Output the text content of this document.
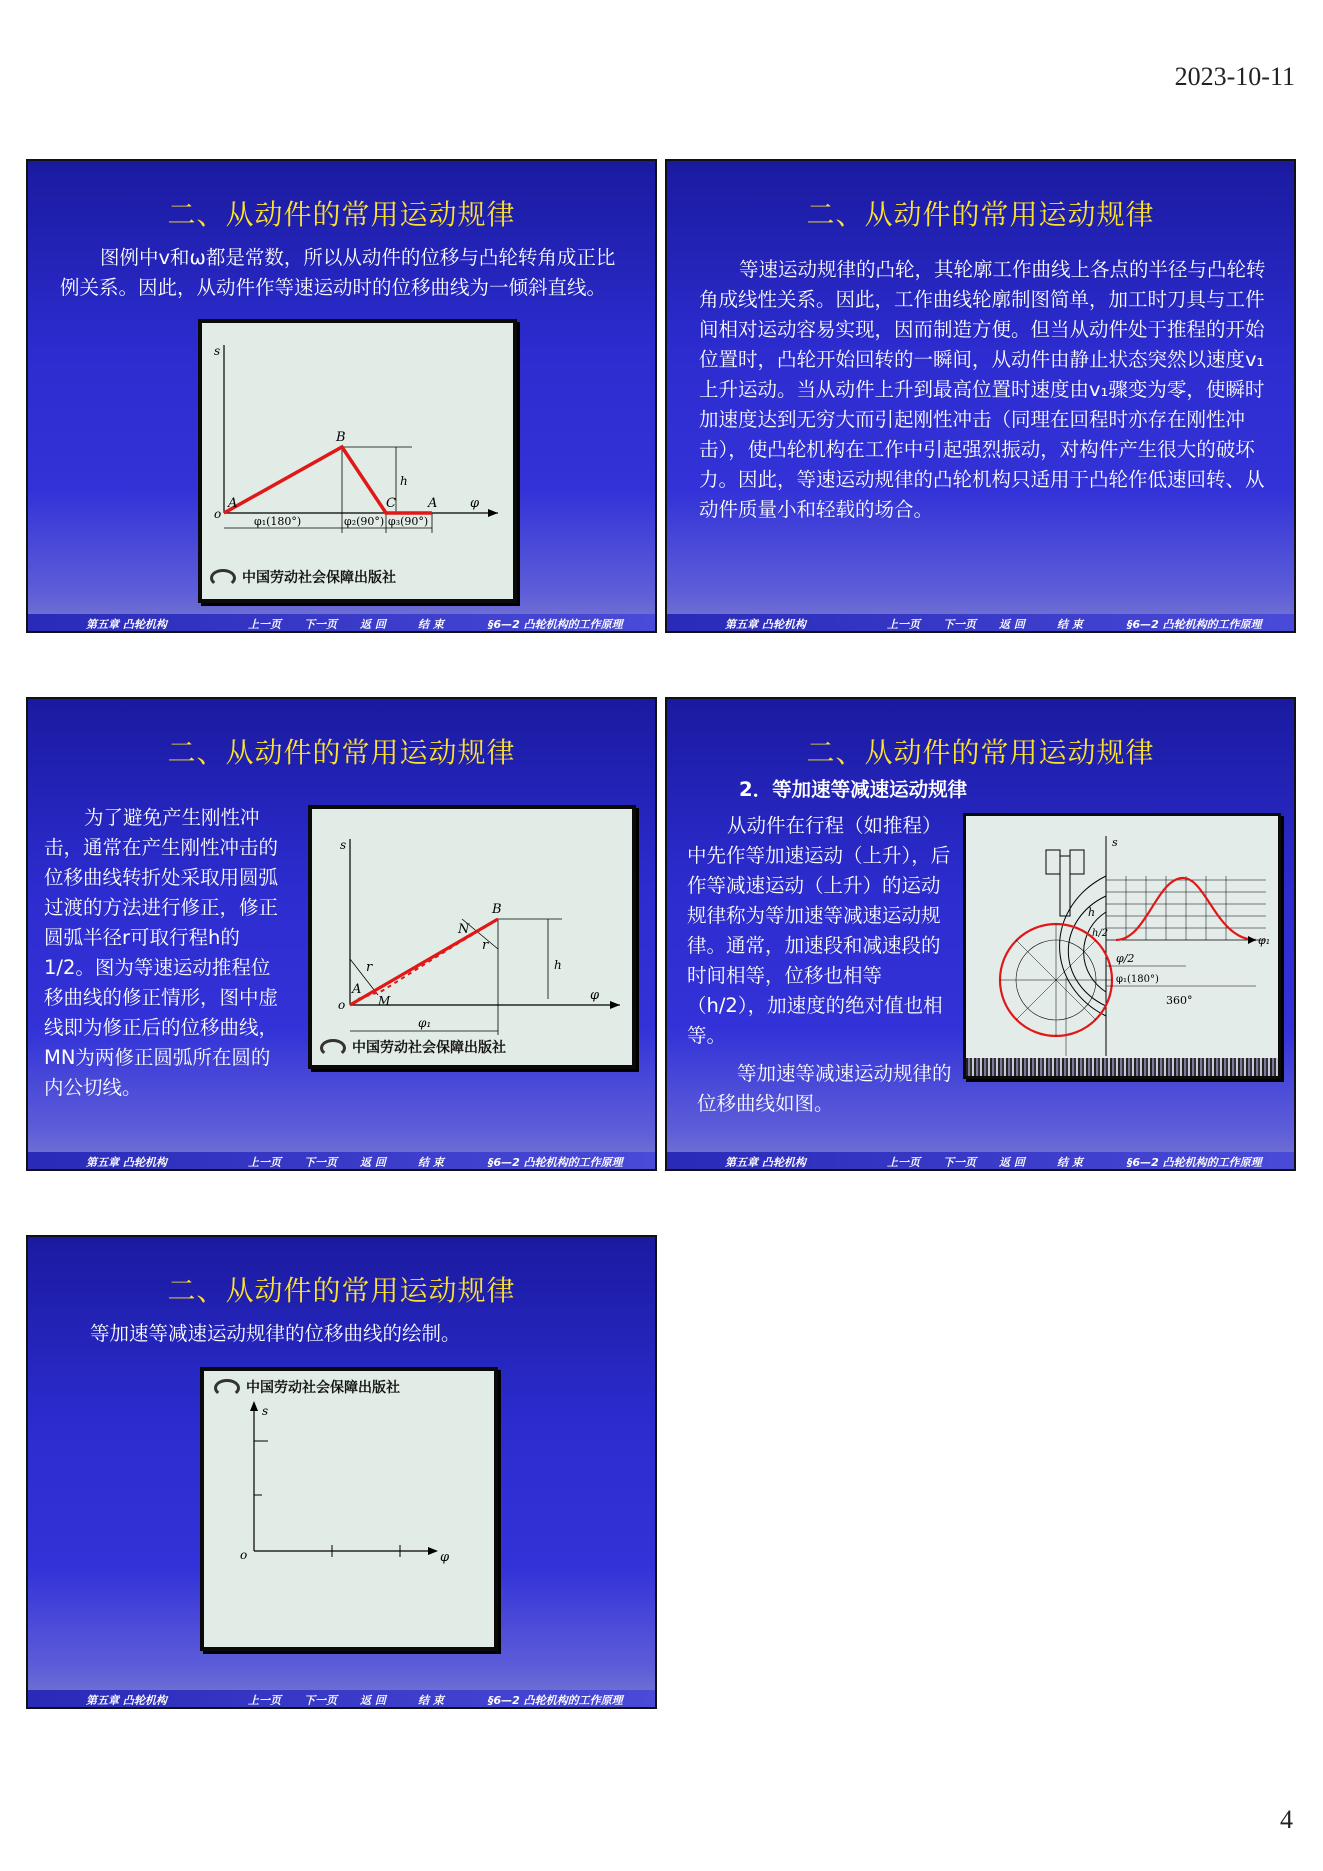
2023-10-11
二、从动件的常用运动规律
图例中v和ω都是常数，所以从动件的位移与凸轮转角成正比例关系。因此，从动件作等速运动时的位移曲线为一倾斜直线。
s
o
φ
A
B
C A
h
φ₁(180°)	φ₂(90°) φ₃(90°)
中国劳动社会保障出版社
第五章 凸轮机构	上一页 下一页 返 回	结 束	§6—2 凸轮机构的工作原理
二、从动件的常用运动规律
等速运动规律的凸轮，其轮廓工作曲线上各点的半径与凸轮转角成线性关系。因此，工作曲线轮廓制图简单，加工时刀具与工件间相对运动容易实现，因而制造方便。但当从动件处于推程的开始位置时，凸轮开始回转的一瞬间，从动件由静止状态突然以速度v₁上升运动。当从动件上升到最高位置时速度由v₁骤变为零，使瞬时加速度达到无穷大而引起刚性冲击（同理在回程时亦存在刚性冲击），使凸轮机构在工作中引起强烈振动，对构件产生很大的破坏力。因此，等速运动规律的凸轮机构只适用于凸轮作低速回转、从动件质量小和轻载的场合。
第五章 凸轮机构	上一页 下一页 返 回	结 束	§6—2 凸轮机构的工作原理
二、从动件的常用运动规律
为了避免产生刚性冲击，通常在产生刚性冲击的位移曲线转折处采取用圆弧过渡的方法进行修正，修正圆弧半径r可取行程h的1/2。图为等速运动推程位移曲线的修正情形，图中虚线即为修正后的位移曲线，MN为两修正圆弧所在圆的内公切线。
s
o
A
B
N
M
r
r
h
φ
φ₁
中国劳动社会保障出版社
第五章 凸轮机构	上一页 下一页 返 回	结 束	§6—2 凸轮机构的工作原理
二、从动件的常用运动规律
2．等加速等减速运动规律
从动件在行程（如推程）中先作等加速运动（上升），后作等减速运动（上升）的运动规律称为等加速等减速运动规律。通常，加速段和减速段的时间相等，位移也相等（h/2），加速度的绝对值也相等。
等加速等减速运动规律的位移曲线如图。
s
h
h/2
φ/2
φ₁(180°)
360°
φ₁
第五章 凸轮机构	上一页 下一页 返 回	结 束	§6—2 凸轮机构的工作原理
二、从动件的常用运动规律
等加速等减速运动规律的位移曲线的绘制。
中国劳动社会保障出版社
s
o	φ
第五章 凸轮机构	上一页 下一页 返 回	结 束	§6—2 凸轮机构的工作原理
4
